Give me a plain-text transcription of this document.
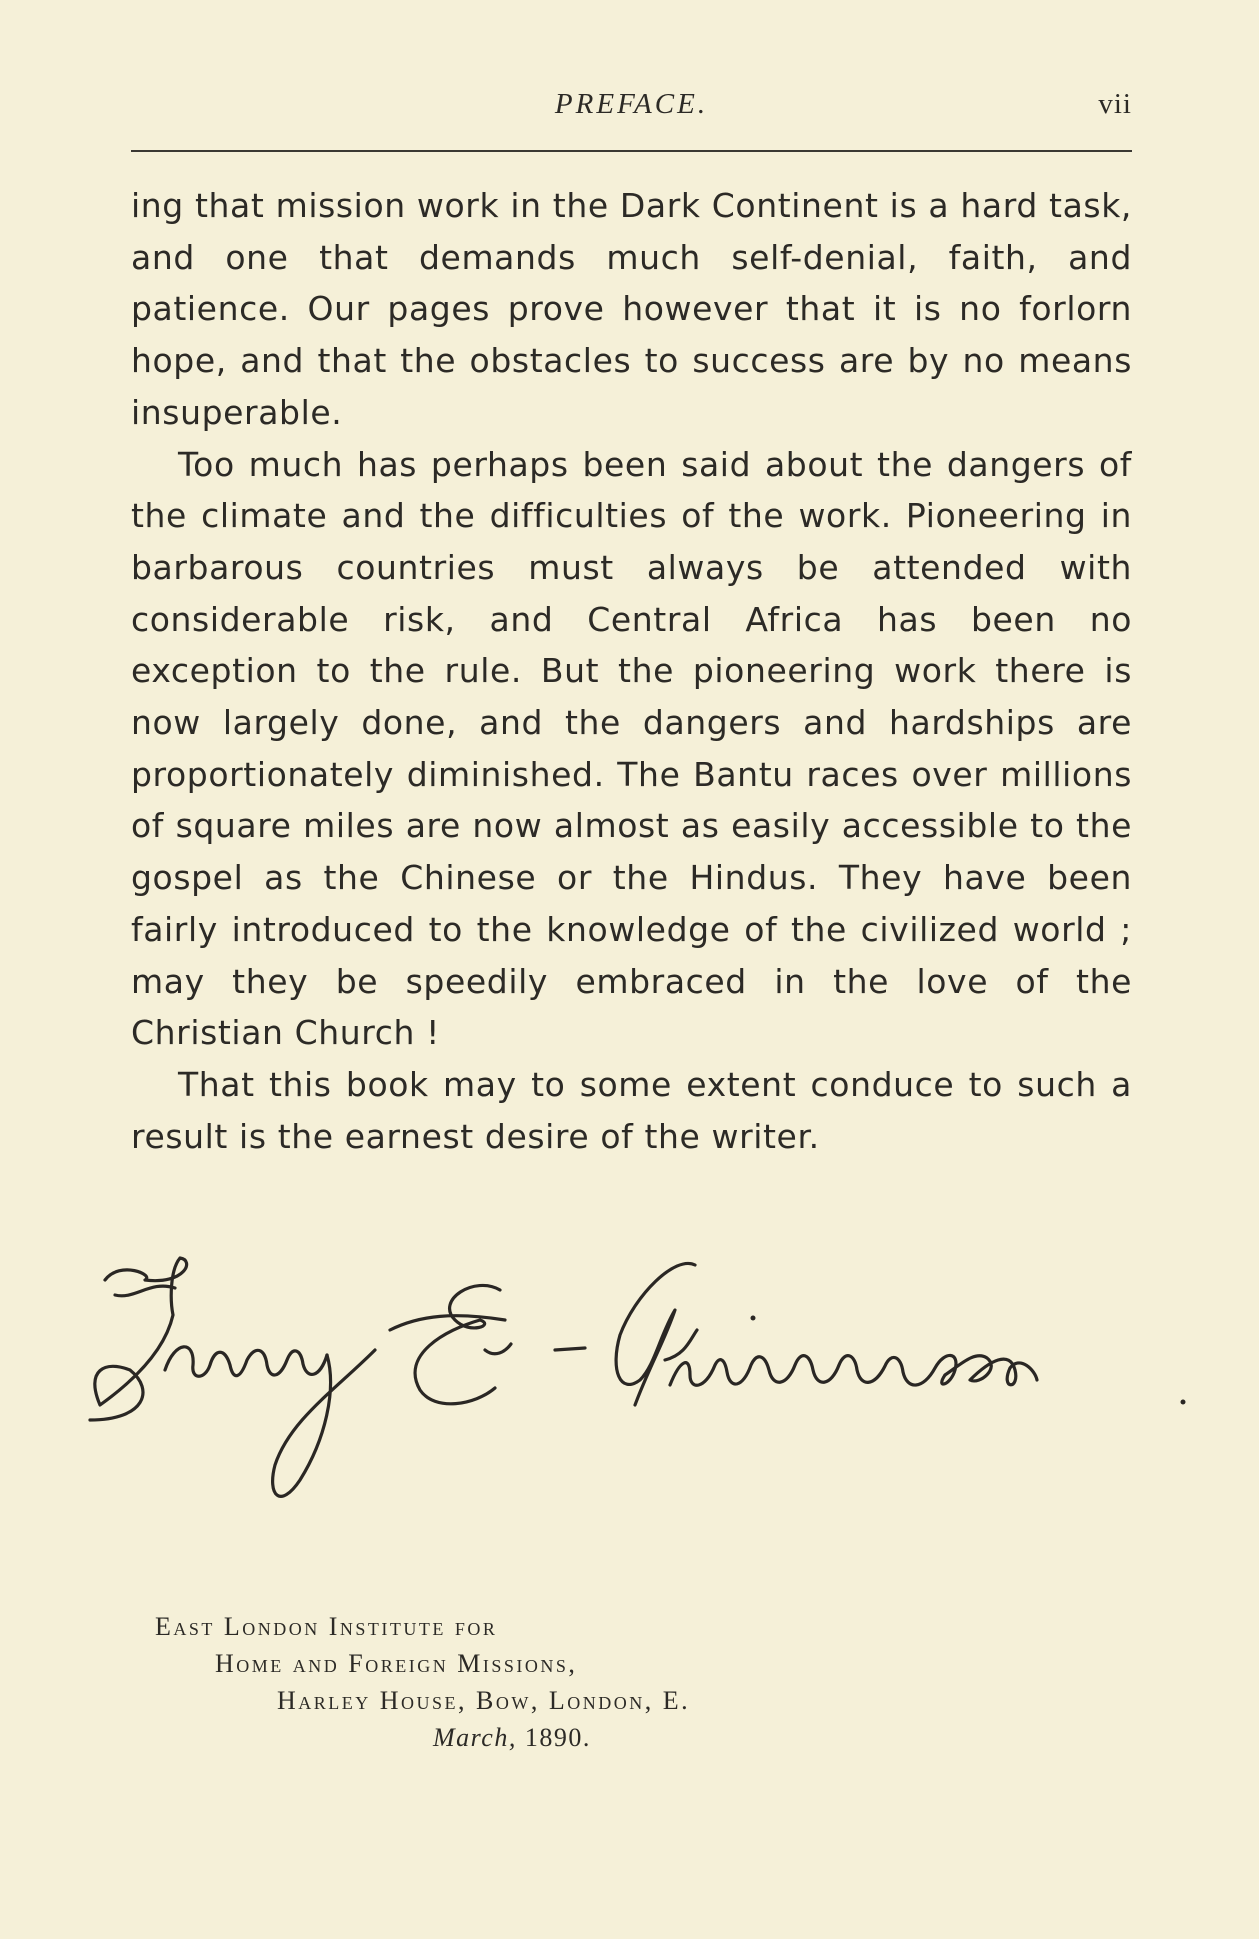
PREFACE.	vii

ing that mission work in the Dark Continent is a hard task, and one that demands much self-denial, faith, and patience. Our pages prove however that it is no forlorn hope, and that the obstacles to success are by no means insuperable.

Too much has perhaps been said about the dangers of the climate and the difficulties of the work. Pioneering in barbarous countries must always be attended with considerable risk, and Central Africa has been no exception to the rule. But the pioneering work there is now largely done, and the dangers and hardships are proportionately diminished. The Bantu races over millions of square miles are now almost as easily accessible to the gospel as the Chinese or the Hindus. They have been fairly introduced to the knowledge of the civilized world ; may they be speedily embraced in the love of the Christian Church !

That this book may to some extent conduce to such a result is the earnest desire of the writer.

East London Institute for
Home and Foreign Missions,
Harley House, Bow, London, E.
March, 1890.
